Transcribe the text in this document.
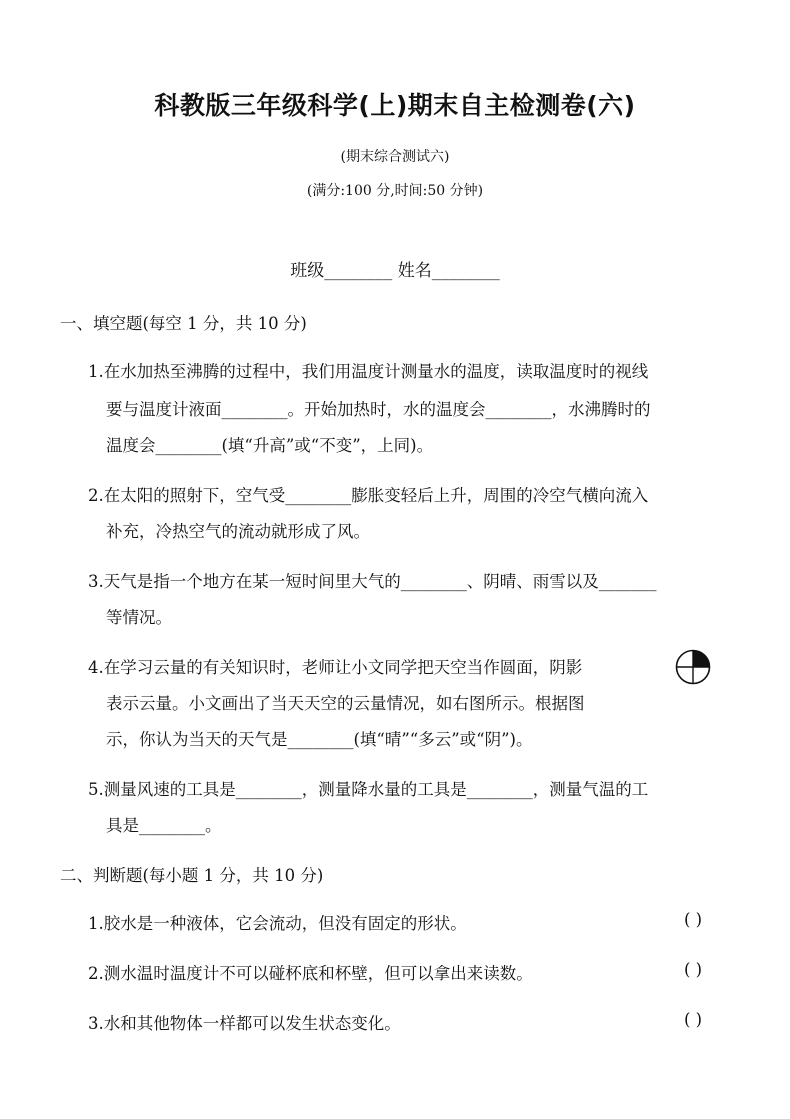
科教版三年级科学(上)期末自主检测卷(六)
(期末综合测试六)
(满分:100 分,时间:50 分钟)
班级________ 姓名________
一、填空题(每空 1 分，共 10 分)
1.在水加热至沸腾的过程中，我们用温度计测量水的温度，读取温度时的视线
要与温度计液面________。开始加热时，水的温度会________，水沸腾时的
温度会________(填“升高”或“不变”，上同)。
2.在太阳的照射下，空气受________膨胀变轻后上升，周围的冷空气横向流入
补充，冷热空气的流动就形成了风。
3.天气是指一个地方在某一短时间里大气的________、阴晴、雨雪以及_______
等情况。
4.在学习云量的有关知识时，老师让小文同学把天空当作圆面，阴影
表示云量。小文画出了当天天空的云量情况，如右图所示。根据图
示，你认为当天的天气是________(填“晴”“多云”或“阴”)。
5.测量风速的工具是________，测量降水量的工具是________，测量气温的工
具是________。
二、判断题(每小题 1 分，共 10 分)
1.胶水是一种液体，它会流动，但没有固定的形状。	( )
2.测水温时温度计不可以碰杯底和杯壁，但可以拿出来读数。	( )
3.水和其他物体一样都可以发生状态变化。	( )
